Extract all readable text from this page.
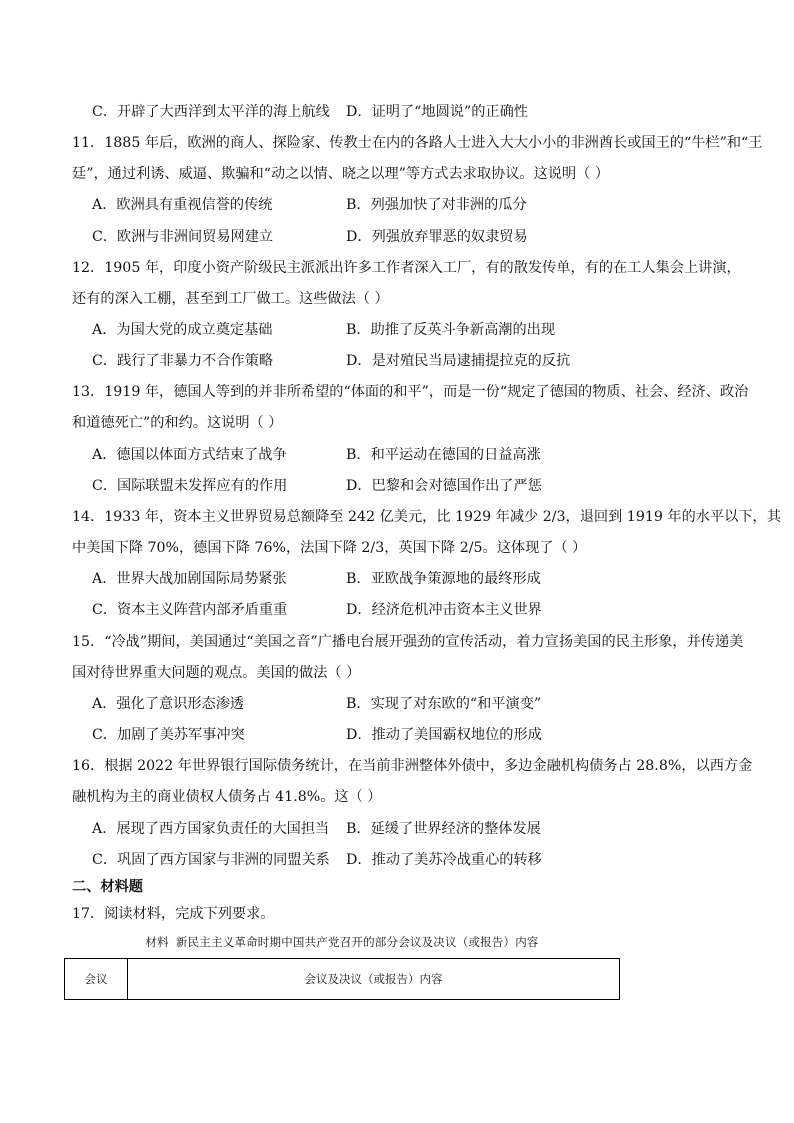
C．开辟了大西洋到太平洋的海上航线 D．证明了“地圆说”的正确性
11．1885 年后，欧洲的商人、探险家、传教士在内的各路人士进入大大小小的非洲酋长或国王的“牛栏”和“王
廷”，通过利诱、威逼、欺骗和“动之以情、晓之以理”等方式去求取协议。这说明（ ）
A．欧洲具有重视信誉的传统	B．列强加快了对非洲的瓜分
C．欧洲与非洲间贸易网建立	D．列强放弃罪恶的奴隶贸易
12．1905 年，印度小资产阶级民主派派出许多工作者深入工厂，有的散发传单，有的在工人集会上讲演，
还有的深入工棚，甚至到工厂做工。这些做法（ ）
A．为国大党的成立奠定基础	B．助推了反英斗争新高潮的出现
C．践行了非暴力不合作策略	D．是对殖民当局逮捕提拉克的反抗
13．1919 年，德国人等到的并非所希望的“体面的和平”，而是一份“规定了德国的物质、社会、经济、政治
和道德死亡”的和约。这说明（ ）
A．德国以体面方式结束了战争	B．和平运动在德国的日益高涨
C．国际联盟未发挥应有的作用	D．巴黎和会对德国作出了严惩
14．1933 年，资本主义世界贸易总额降至 242 亿美元，比 1929 年减少 2/3，退回到 1919 年的水平以下，其
中美国下降 70%，德国下降 76%，法国下降 2/3，英国下降 2/5。这体现了（ ）
A．世界大战加剧国际局势紧张	B．亚欧战争策源地的最终形成
C．资本主义阵营内部矛盾重重	D．经济危机冲击资本主义世界
15．“冷战”期间，美国通过“美国之音”广播电台展开强劲的宣传活动，着力宣扬美国的民主形象，并传递美
国对待世界重大问题的观点。美国的做法（ ）
A．强化了意识形态渗透	B．实现了对东欧的“和平演变”
C．加剧了美苏军事冲突	D．推动了美国霸权地位的形成
16．根据 2022 年世界银行国际债务统计，在当前非洲整体外债中，多边金融机构债务占 28.8%，以西方金
融机构为主的商业债权人债务占 41.8%。这（ ）
A．展现了西方国家负责任的大国担当 B．延缓了世界经济的整体发展
C．巩固了西方国家与非洲的同盟关系 D．推动了美苏冷战重心的转移
二、材料题
17．阅读材料，完成下列要求。
材料 新民主主义革命时期中国共产党召开的部分会议及决议（或报告）内容
会议	会议及决议（或报告）内容
